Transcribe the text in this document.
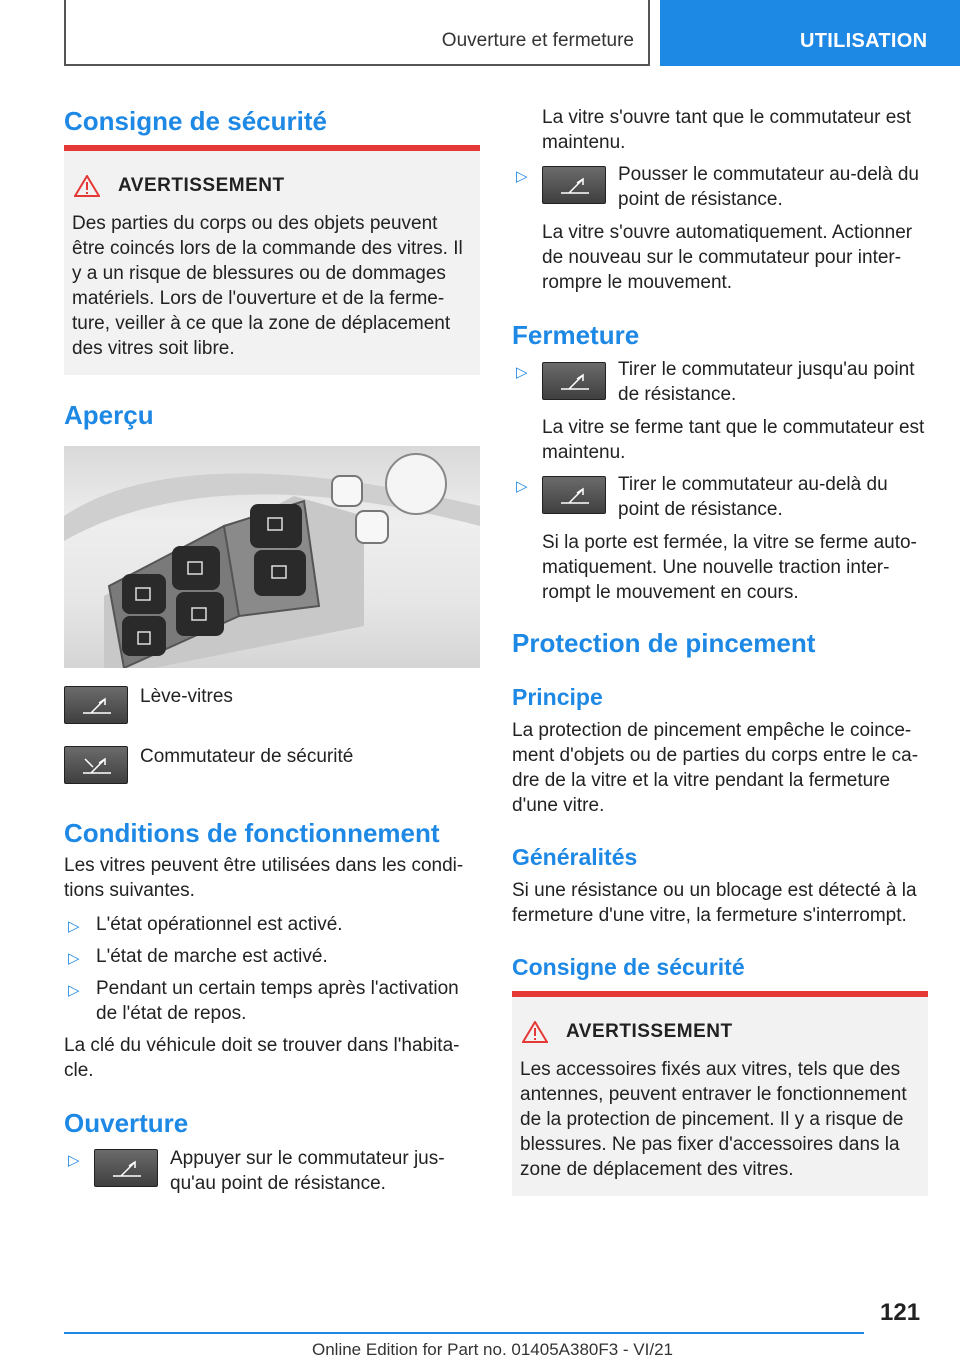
Ouverture et fermeture	UTILISATION
Consigne de sécurité
AVERTISSEMENT
Des parties du corps ou des objets peuvent
être coincés lors de la commande des vitres. Il
y a un risque de blessures ou de dommages
matériels. Lors de l'ouverture et de la ferme-
ture, veiller à ce que la zone de déplacement
des vitres soit libre.
Aperçu
Lève-vitres
Commutateur de sécurité
Conditions de fonctionnement
Les vitres peuvent être utilisées dans les condi-
tions suivantes.
▷ L'état opérationnel est activé.
▷ L'état de marche est activé.
▷ Pendant un certain temps après l'activation
de l'état de repos.
La clé du véhicule doit se trouver dans l'habita-
cle.
Ouverture
▷	Appuyer sur le commutateur jus-
qu'au point de résistance.
La vitre s'ouvre tant que le commutateur est
maintenu.
▷	Pousser le commutateur au-delà du
point de résistance.
La vitre s'ouvre automatiquement. Actionner
de nouveau sur le commutateur pour inter-
rompre le mouvement.
Fermeture
▷	Tirer le commutateur jusqu'au point
de résistance.
La vitre se ferme tant que le commutateur est
maintenu.
▷	Tirer le commutateur au-delà du
point de résistance.
Si la porte est fermée, la vitre se ferme auto-
matiquement. Une nouvelle traction inter-
rompt le mouvement en cours.
Protection de pincement
Principe
La protection de pincement empêche le coince-
ment d'objets ou de parties du corps entre le ca-
dre de la vitre et la vitre pendant la fermeture
d'une vitre.
Généralités
Si une résistance ou un blocage est détecté à la
fermeture d'une vitre, la fermeture s'interrompt.
Consigne de sécurité
AVERTISSEMENT
Les accessoires fixés aux vitres, tels que des
antennes, peuvent entraver le fonctionnement
de la protection de pincement. Il y a risque de
blessures. Ne pas fixer d'accessoires dans la
zone de déplacement des vitres.
121
Online Edition for Part no. 01405A380F3 - VI/21
